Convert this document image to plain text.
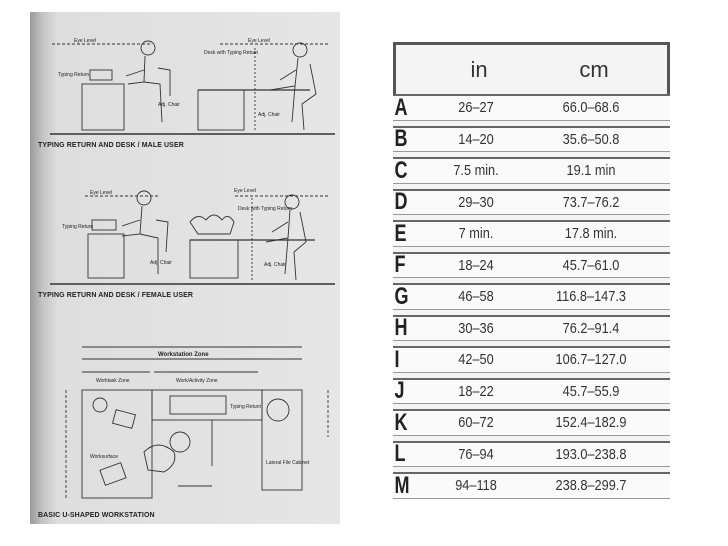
Eye Level	Eye Level
Desk with Typing Return
Typing Return
Adj. Chair
Adj. Chair
Eye Level	Eye Level
Desk with Typing Return
Typing Return
Adj. Chair	Adj. Chair
Workstation Zone
Worktask Zone	Work/Activity Zone
Typing Return
Worksurface
Lateral File Cabinet
TYPING RETURN AND DESK / MALE USER
TYPING RETURN AND DESK / FEMALE USER
BASIC U-SHAPED WORKSTATION
in	cm
A	26–27	66.0–68.6
B	14–20	35.6–50.8
C	7.5 min.	19.1 min
D	29–30	73.7–76.2
E	7 min.	17.8 min.
F	18–24	45.7–61.0
G	46–58	116.8–147.3
H	30–36	76.2–91.4
I	42–50	106.7–127.0
J	18–22	45.7–55.9
K	60–72	152.4–182.9
L	76–94	193.0–238.8
M	94–118	238.8–299.7
